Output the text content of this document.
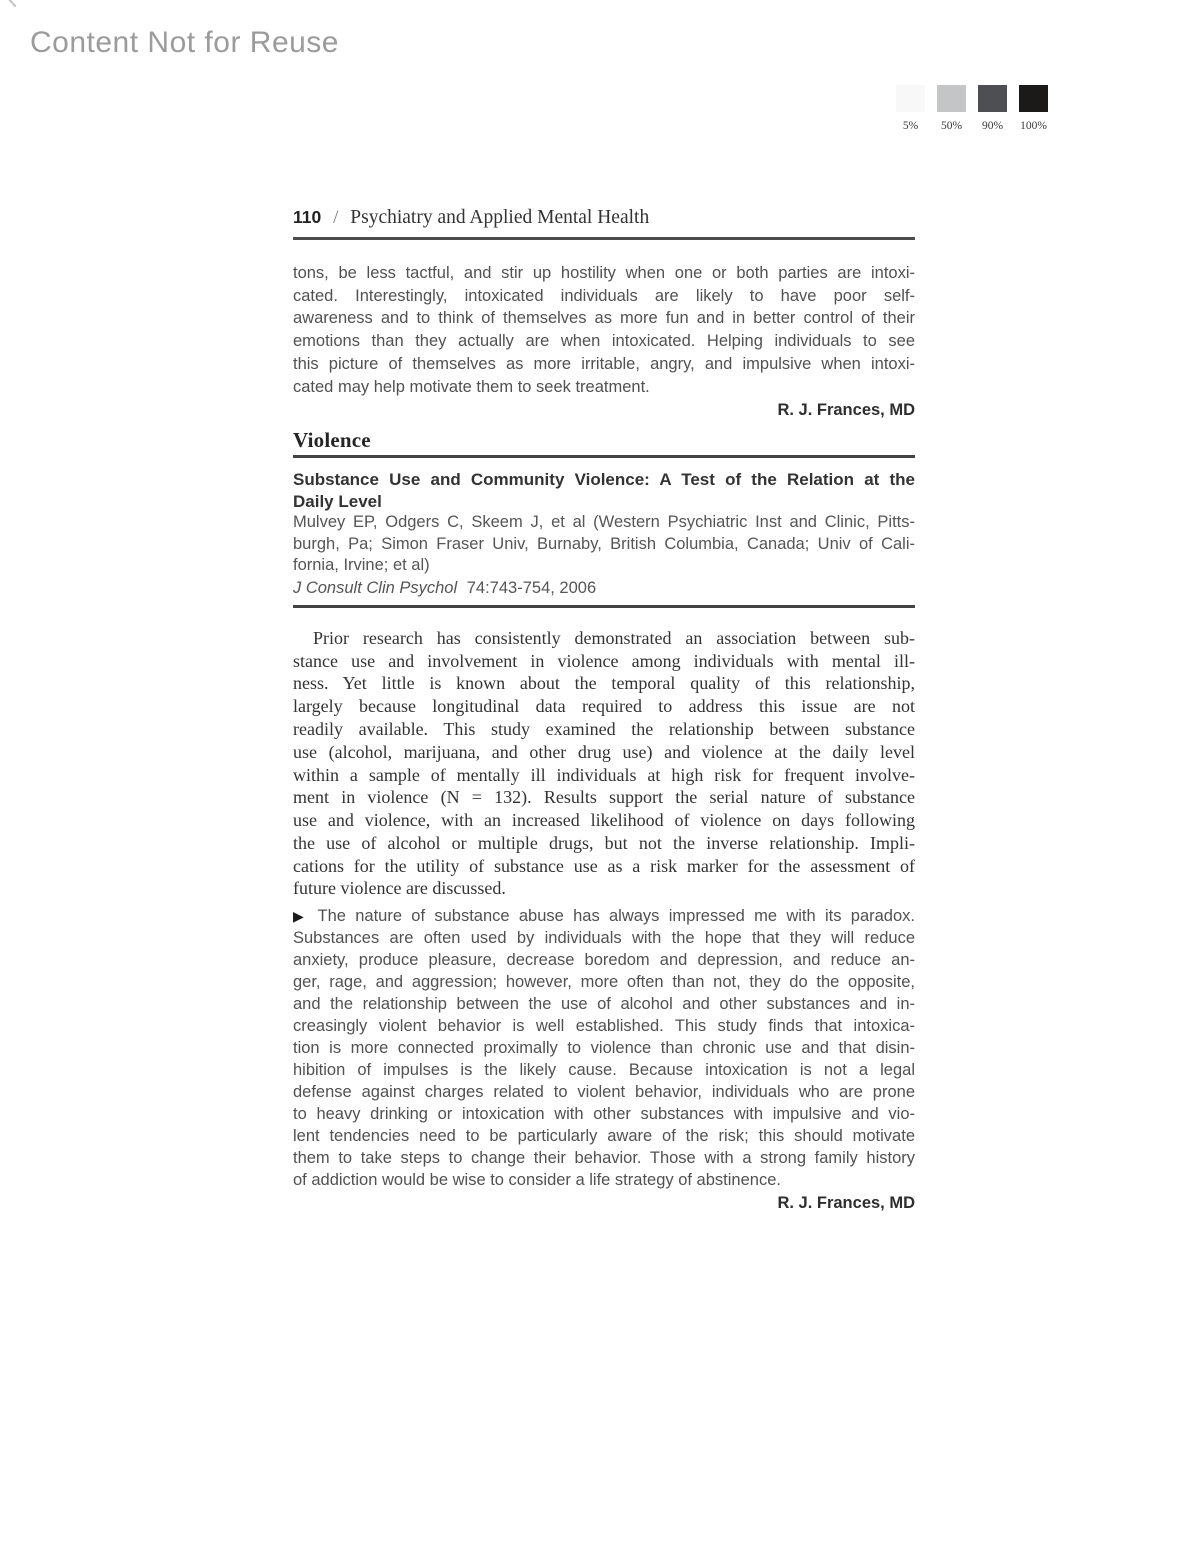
Content Not for Reuse
5%	50%	90%	100%
110 / Psychiatry and Applied Mental Health
tons, be less tactful, and stir up hostility when one or both parties are intoxi-
cated. Interestingly, intoxicated individuals are likely to have poor self-
awareness and to think of themselves as more fun and in better control of their
emotions than they actually are when intoxicated. Helping individuals to see
this picture of themselves as more irritable, angry, and impulsive when intoxi-
cated may help motivate them to seek treatment.
R. J. Frances, MD
Violence
Substance Use and Community Violence: A Test of the Relation at the
Daily Level
Mulvey EP, Odgers C, Skeem J, et al (Western Psychiatric Inst and Clinic, Pitts-
burgh, Pa; Simon Fraser Univ, Burnaby, British Columbia, Canada; Univ of Cali-
fornia, Irvine; et al)
J Consult Clin Psychol 74:743-754, 2006
Prior research has consistently demonstrated an association between sub-
stance use and involvement in violence among individuals with mental ill-
ness. Yet little is known about the temporal quality of this relationship,
largely because longitudinal data required to address this issue are not
readily available. This study examined the relationship between substance
use (alcohol, marijuana, and other drug use) and violence at the daily level
within a sample of mentally ill individuals at high risk for frequent involve-
ment in violence (N = 132). Results support the serial nature of substance
use and violence, with an increased likelihood of violence on days following
the use of alcohol or multiple drugs, but not the inverse relationship. Impli-
cations for the utility of substance use as a risk marker for the assessment of
future violence are discussed.
▶ The nature of substance abuse has always impressed me with its paradox.
Substances are often used by individuals with the hope that they will reduce
anxiety, produce pleasure, decrease boredom and depression, and reduce an-
ger, rage, and aggression; however, more often than not, they do the opposite,
and the relationship between the use of alcohol and other substances and in-
creasingly violent behavior is well established. This study finds that intoxica-
tion is more connected proximally to violence than chronic use and that disin-
hibition of impulses is the likely cause. Because intoxication is not a legal
defense against charges related to violent behavior, individuals who are prone
to heavy drinking or intoxication with other substances with impulsive and vio-
lent tendencies need to be particularly aware of the risk; this should motivate
them to take steps to change their behavior. Those with a strong family history
of addiction would be wise to consider a life strategy of abstinence.
R. J. Frances, MD
